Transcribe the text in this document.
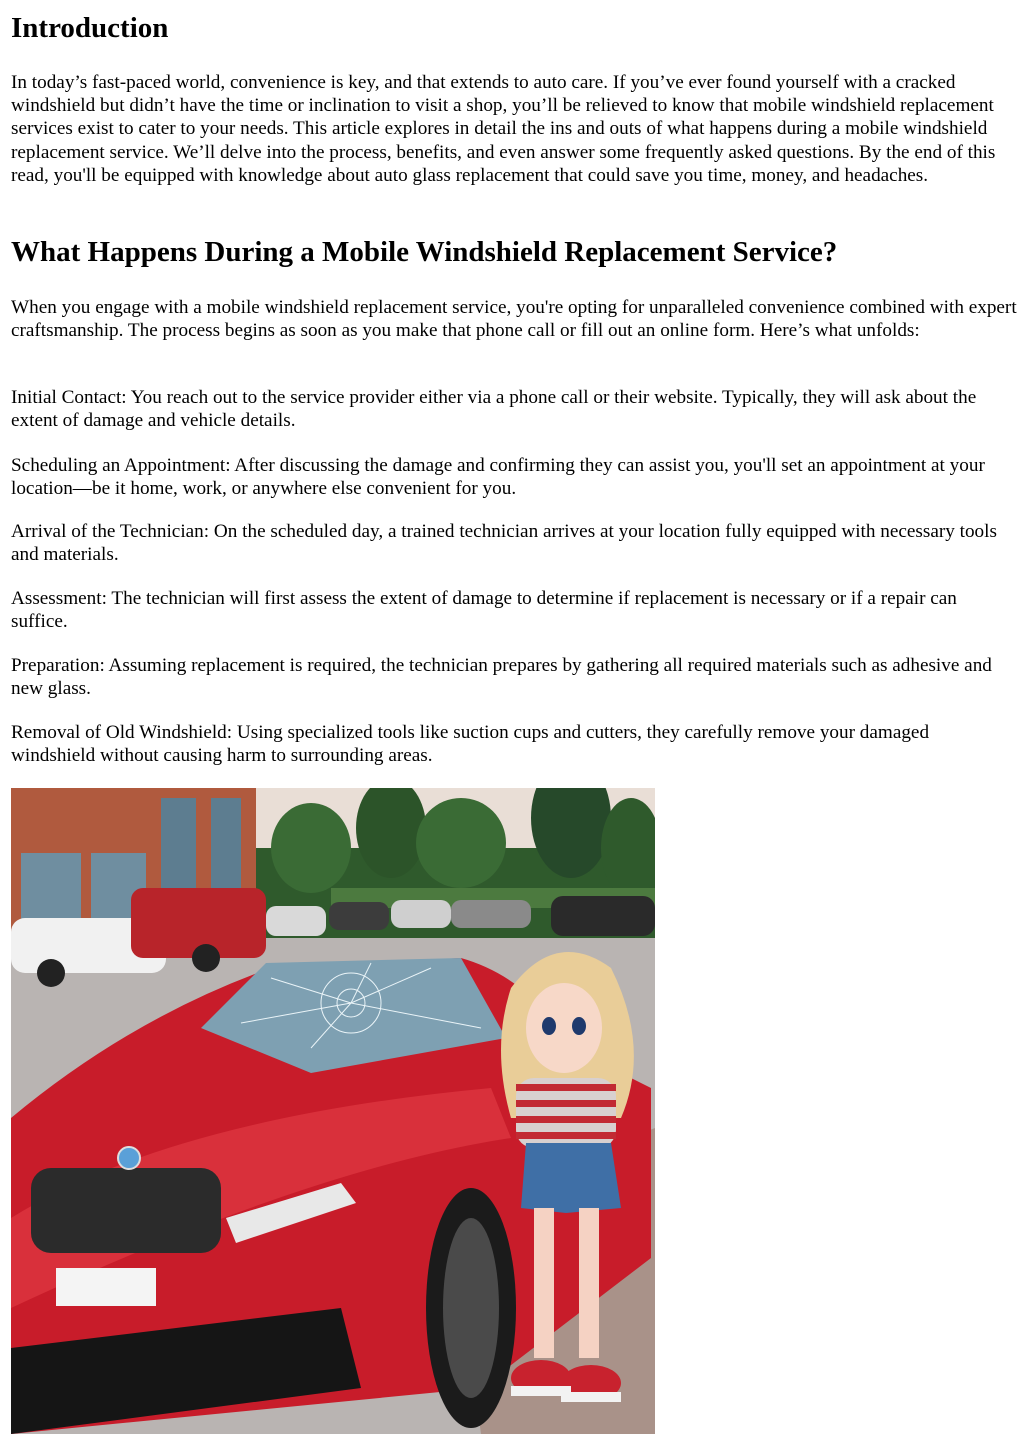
Introduction

In today’s fast-paced world, convenience is key, and that extends to auto care. If you’ve ever found yourself with a cracked windshield but didn’t have the time or inclination to visit a shop, you’ll be relieved to know that mobile windshield replacement services exist to cater to your needs. This article explores in detail the ins and outs of what happens during a mobile windshield replacement service. We’ll delve into the process, benefits, and even answer some frequently asked questions. By the end of this read, you'll be equipped with knowledge about auto glass replacement that could save you time, money, and headaches.

What Happens During a Mobile Windshield Replacement Service?

When you engage with a mobile windshield replacement service, you're opting for unparalleled convenience combined with expert craftsmanship. The process begins as soon as you make that phone call or fill out an online form. Here’s what unfolds:

Initial Contact: You reach out to the service provider either via a phone call or their website. Typically, they will ask about the extent of damage and vehicle details.

Scheduling an Appointment: After discussing the damage and confirming they can assist you, you'll set an appointment at your location—be it home, work, or anywhere else convenient for you.

Arrival of the Technician: On the scheduled day, a trained technician arrives at your location fully equipped with necessary tools and materials.

Assessment: The technician will first assess the extent of damage to determine if replacement is necessary or if a repair can suffice.

Preparation: Assuming replacement is required, the technician prepares by gathering all required materials such as adhesive and new glass.

Removal of Old Windshield: Using specialized tools like suction cups and cutters, they carefully remove your damaged windshield without causing harm to surrounding areas.
